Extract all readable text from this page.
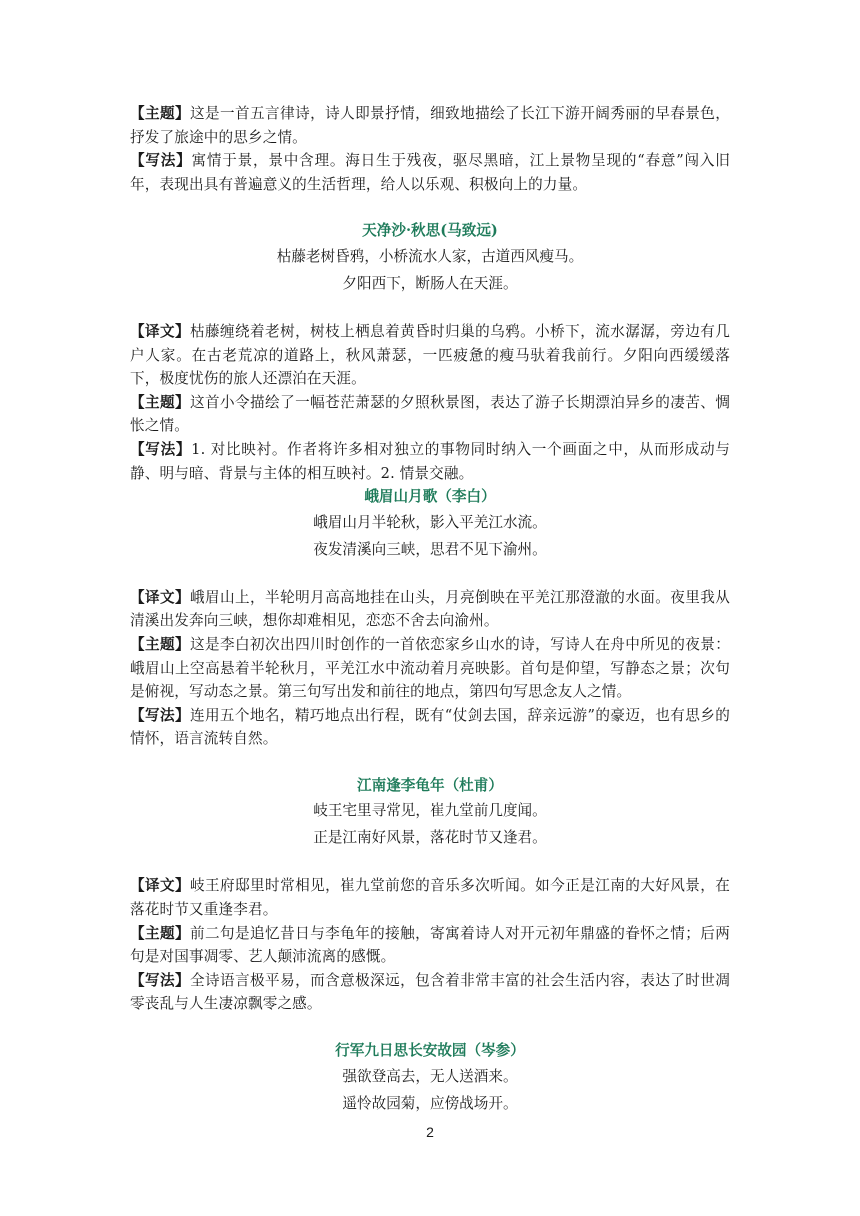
【主题】这是一首五言律诗，诗人即景抒情，细致地描绘了长江下游开阔秀丽的早春景色，抒发了旅途中的思乡之情。

【写法】寓情于景，景中含理。海日生于残夜，驱尽黑暗，江上景物呈现的“春意”闯入旧年，表现出具有普遍意义的生活哲理，给人以乐观、积极向上的力量。

天净沙·秋思(马致远)

枯藤老树昏鸦，小桥流水人家，古道西风瘦马。

夕阳西下，断肠人在天涯。

【译文】枯藤缠绕着老树，树枝上栖息着黄昏时归巢的乌鸦。小桥下，流水潺潺，旁边有几户人家。在古老荒凉的道路上，秋风萧瑟，一匹疲惫的瘦马驮着我前行。夕阳向西缓缓落下，极度忧伤的旅人还漂泊在天涯。

【主题】这首小令描绘了一幅苍茫萧瑟的夕照秋景图，表达了游子长期漂泊异乡的凄苦、惆怅之情。

【写法】1. 对比映衬。作者将许多相对独立的事物同时纳入一个画面之中，从而形成动与静、明与暗、背景与主体的相互映衬。2. 情景交融。

峨眉山月歌（李白）

峨眉山月半轮秋，影入平羌江水流。

夜发清溪向三峡，思君不见下渝州。

【译文】峨眉山上，半轮明月高高地挂在山头，月亮倒映在平羌江那澄澈的水面。夜里我从清溪出发奔向三峡，想你却难相见，恋恋不舍去向渝州。

【主题】这是李白初次出四川时创作的一首依恋家乡山水的诗，写诗人在舟中所见的夜景：峨眉山上空高悬着半轮秋月，平羌江水中流动着月亮映影。首句是仰望，写静态之景；次句是俯视，写动态之景。第三句写出发和前往的地点，第四句写思念友人之情。

【写法】连用五个地名，精巧地点出行程，既有“仗剑去国，辞亲远游”的豪迈，也有思乡的情怀，语言流转自然。

江南逢李龟年（杜甫）

岐王宅里寻常见，崔九堂前几度闻。

正是江南好风景，落花时节又逢君。

【译文】岐王府邸里时常相见，崔九堂前您的音乐多次听闻。如今正是江南的大好风景，在落花时节又重逢李君。

【主题】前二句是追忆昔日与李龟年的接触，寄寓着诗人对开元初年鼎盛的眷怀之情；后两句是对国事凋零、艺人颠沛流离的感慨。

【写法】全诗语言极平易，而含意极深远，包含着非常丰富的社会生活内容，表达了时世凋零丧乱与人生凄凉飘零之感。

行军九日思长安故园（岑参）

强欲登高去，无人送酒来。

遥怜故园菊，应傍战场开。

2
